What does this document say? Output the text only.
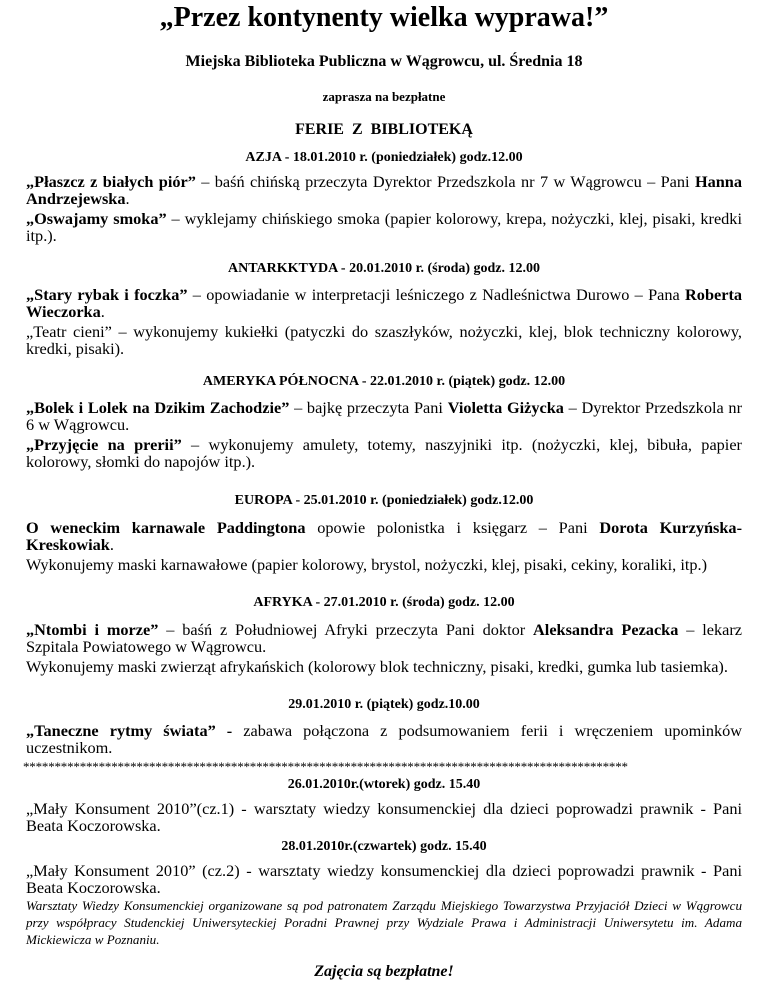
„Przez kontynenty wielka wyprawa!”

Miejska Biblioteka Publiczna w Wągrowcu, ul. Średnia 18

zaprasza na bezpłatne

FERIE  Z  BIBLIOTEKĄ

AZJA - 18.01.2010 r. (poniedziałek) godz.12.00

„Płaszcz z białych piór” – baśń chińską przeczyta Dyrektor Przedszkola nr 7 w Wągrowcu – Pani Hanna Andrzejewska.

„Oswajamy smoka” – wyklejamy chińskiego smoka (papier kolorowy, krepa, nożyczki, klej, pisaki, kredki itp.).

ANTARKKTYDA - 20.01.2010 r. (środa) godz. 12.00

„Stary rybak i foczka” – opowiadanie w interpretacji leśniczego z Nadleśnictwa Durowo – Pana Roberta Wieczorka.

„Teatr cieni” – wykonujemy kukiełki (patyczki do szaszłyków, nożyczki, klej, blok techniczny kolorowy, kredki, pisaki).

AMERYKA PÓŁNOCNA - 22.01.2010 r. (piątek) godz. 12.00

„Bolek i Lolek na Dzikim Zachodzie” – bajkę przeczyta Pani Violetta Giżycka – Dyrektor Przedszkola nr 6 w Wągrowcu.

„Przyjęcie na prerii” – wykonujemy amulety, totemy, naszyjniki itp. (nożyczki, klej, bibuła, papier kolorowy, słomki do napojów itp.).

EUROPA - 25.01.2010 r. (poniedziałek) godz.12.00

O weneckim karnawale Paddingtona opowie polonistka i księgarz – Pani Dorota Kurzyńska-Kreskowiak.

Wykonujemy maski karnawałowe (papier kolorowy, brystol, nożyczki, klej, pisaki, cekiny, koraliki, itp.)

AFRYKA - 27.01.2010 r. (środa) godz. 12.00

„Ntombi i morze” – baśń z Południowej Afryki przeczyta Pani doktor Aleksandra Pezacka – lekarz Szpitala Powiatowego w Wągrowcu.

Wykonujemy maski zwierząt afrykańskich (kolorowy blok techniczny, pisaki, kredki, gumka lub tasiemka).

29.01.2010 r. (piątek) godz.10.00

„Taneczne rytmy świata” - zabawa połączona z podsumowaniem ferii i wręczeniem upominków uczestnikom.

************************************************************************************************

26.01.2010r.(wtorek) godz. 15.40

„Mały Konsument 2010”(cz.1) - warsztaty wiedzy konsumenckiej dla dzieci poprowadzi prawnik - Pani Beata Koczorowska.

28.01.2010r.(czwartek) godz. 15.40

„Mały Konsument 2010” (cz.2) - warsztaty wiedzy konsumenckiej dla dzieci poprowadzi prawnik - Pani Beata Koczorowska.

Warsztaty Wiedzy Konsumenckiej organizowane są pod patronatem Zarządu Miejskiego Towarzystwa Przyjaciół Dzieci w Wągrowcu przy współpracy Studenckiej Uniwersyteckiej Poradni Prawnej przy Wydziale Prawa i Administracji Uniwersytetu im. Adama Mickiewicza w Poznaniu.

Zajęcia są bezpłatne!
